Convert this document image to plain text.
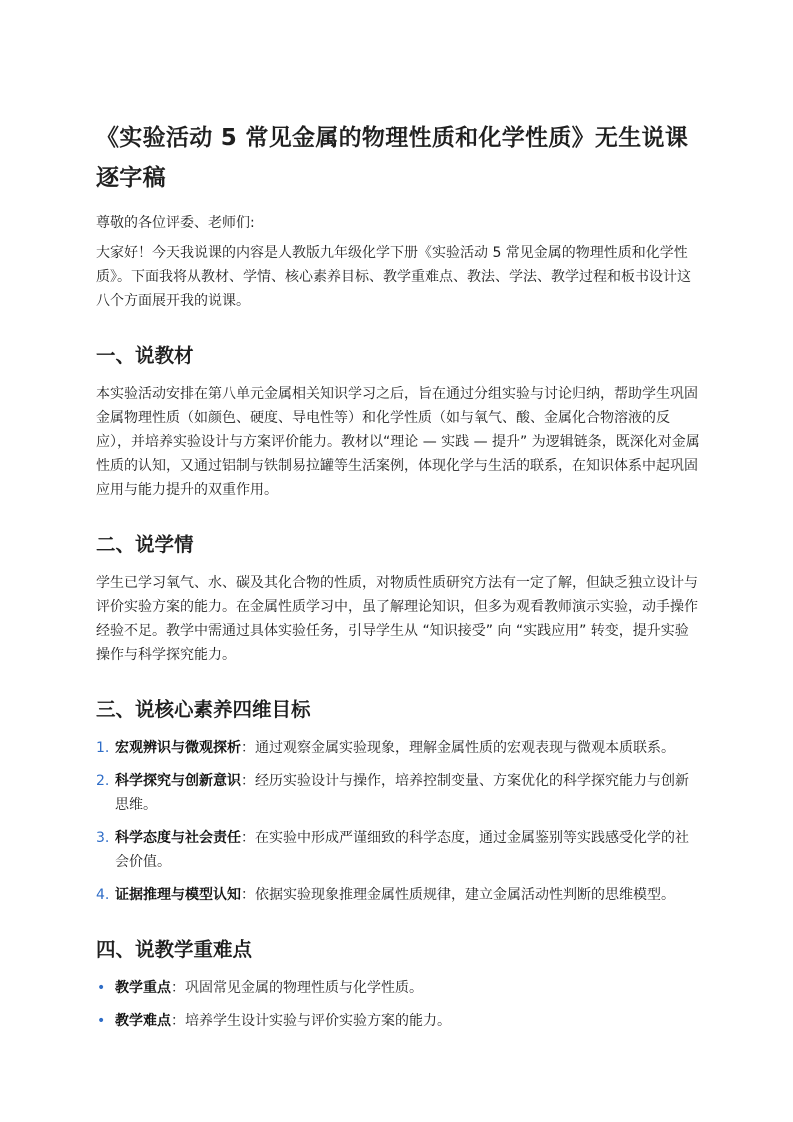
《实验活动 5 常见金属的物理性质和化学性质》无生说课逐字稿

尊敬的各位评委、老师们:

大家好！今天我说课的内容是人教版九年级化学下册《实验活动 5 常见金属的物理性质和化学性质》。下面我将从教材、学情、核心素养目标、教学重难点、教法、学法、教学过程和板书设计这八个方面展开我的说课。

一、说教材

本实验活动安排在第八单元金属相关知识学习之后，旨在通过分组实验与讨论归纳，帮助学生巩固金属物理性质（如颜色、硬度、导电性等）和化学性质（如与氧气、酸、金属化合物溶液的反应），并培养实验设计与方案评价能力。教材以“理论 — 实践 — 提升” 为逻辑链条，既深化对金属性质的认知，又通过铝制与铁制易拉罐等生活案例，体现化学与生活的联系，在知识体系中起巩固应用与能力提升的双重作用。

二、说学情

学生已学习氧气、水、碳及其化合物的性质，对物质性质研究方法有一定了解，但缺乏独立设计与评价实验方案的能力。在金属性质学习中，虽了解理论知识，但多为观看教师演示实验，动手操作经验不足。教学中需通过具体实验任务，引导学生从 “知识接受” 向 “实践应用” 转变，提升实验操作与科学探究能力。

三、说核心素养四维目标
1. 宏观辨识与微观探析：通过观察金属实验现象，理解金属性质的宏观表现与微观本质联系。
2. 科学探究与创新意识：经历实验设计与操作，培养控制变量、方案优化的科学探究能力与创新思维。
3. 科学态度与社会责任：在实验中形成严谨细致的科学态度，通过金属鉴别等实践感受化学的社会价值。
4. 证据推理与模型认知：依据实验现象推理金属性质规律，建立金属活动性判断的思维模型。
四、说教学重难点
• 教学重点：巩固常见金属的物理性质与化学性质。
• 教学难点：培养学生设计实验与评价实验方案的能力。
